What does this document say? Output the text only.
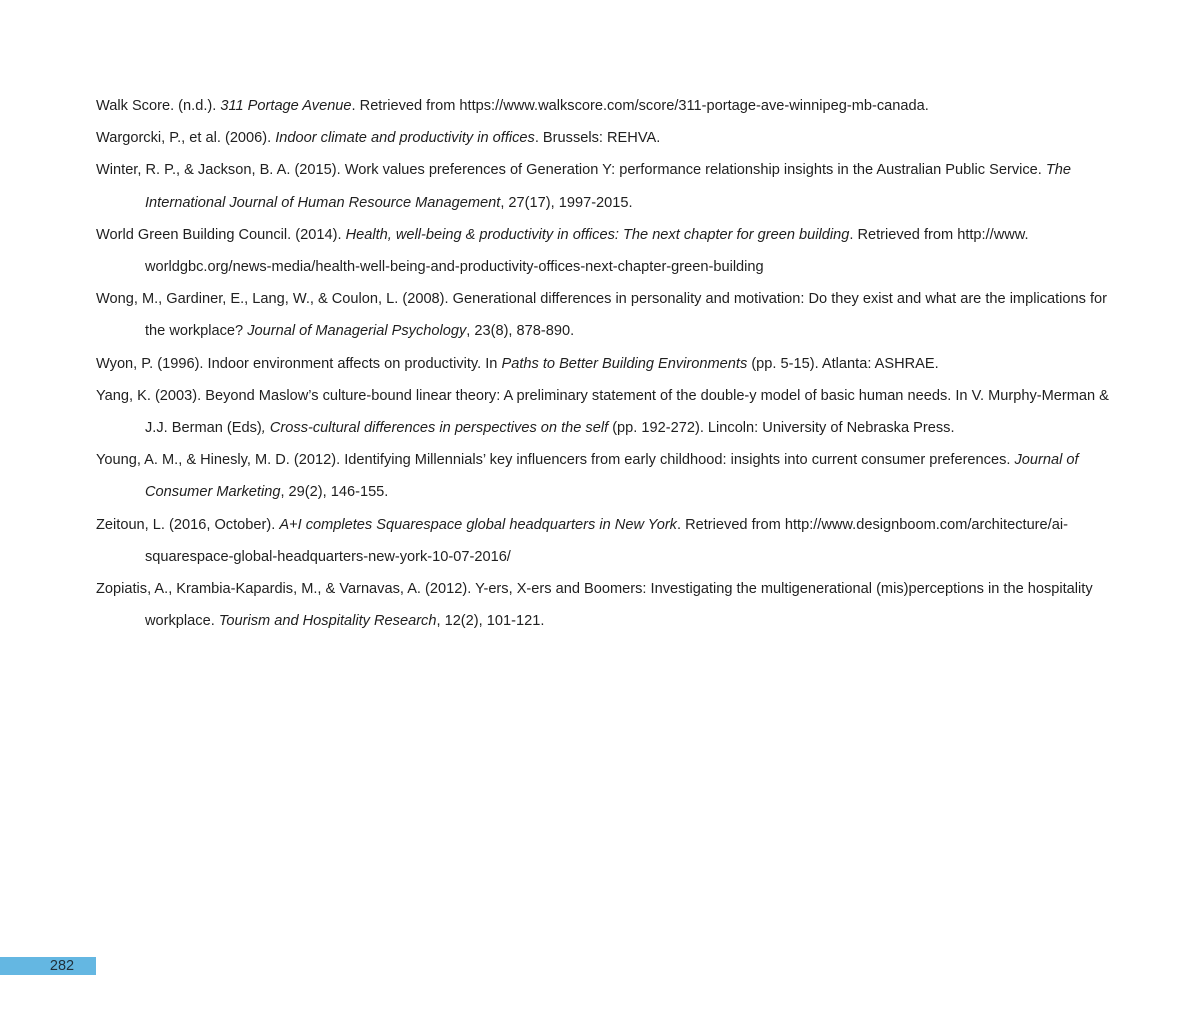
Walk Score. (n.d.). 311 Portage Avenue. Retrieved from https://www.walkscore.com/score/311-portage-ave-winnipeg-mb-canada.

Wargorcki, P., et al. (2006). Indoor climate and productivity in offices. Brussels: REHVA.

Winter, R. P., & Jackson, B. A. (2015). Work values preferences of Generation Y: performance relationship insights in the Australian Public Service. The International Journal of Human Resource Management, 27(17), 1997-2015.

World Green Building Council. (2014). Health, well-being & productivity in offices: The next chapter for green building. Retrieved from http://www.​worldgbc.org/news-media/health-well-being-and-productivity-offices-next-chapter-green-building

Wong, M., Gardiner, E., Lang, W., & Coulon, L. (2008). Generational differences in personality and motivation: Do they exist and what are the implications for the workplace? Journal of Managerial Psychology, 23(8), 878-890.

Wyon, P. (1996). Indoor environment affects on productivity. In Paths to Better Building Environments (pp. 5-15). Atlanta: ASHRAE.

Yang, K. (2003). Beyond Maslow’s culture-bound linear theory: A preliminary statement of the double-y model of basic human needs. In V. Murphy-Merman & J.J. Berman (Eds), Cross-cultural differences in perspectives on the self (pp. 192-272). Lincoln: University of Nebraska Press.

Young, A. M., & Hinesly, M. D. (2012). Identifying Millennials’ key influencers from early childhood: insights into current consumer preferences. Journal of Consumer Marketing, 29(2), 146-155.

Zeitoun, L. (2016, October). A+I completes Squarespace global headquarters in New York. Retrieved from http://www.designboom.com/​architecture/ai-squarespace-global-headquarters-new-york-10-07-2016/

Zopiatis, A., Krambia-Kapardis, M., & Varnavas, A. (2012). Y-ers, X-ers and Boomers: Investigating the multigenerational (mis)perceptions in the hospitality workplace. Tourism and Hospitality Research, 12(2), 101-121.

282
